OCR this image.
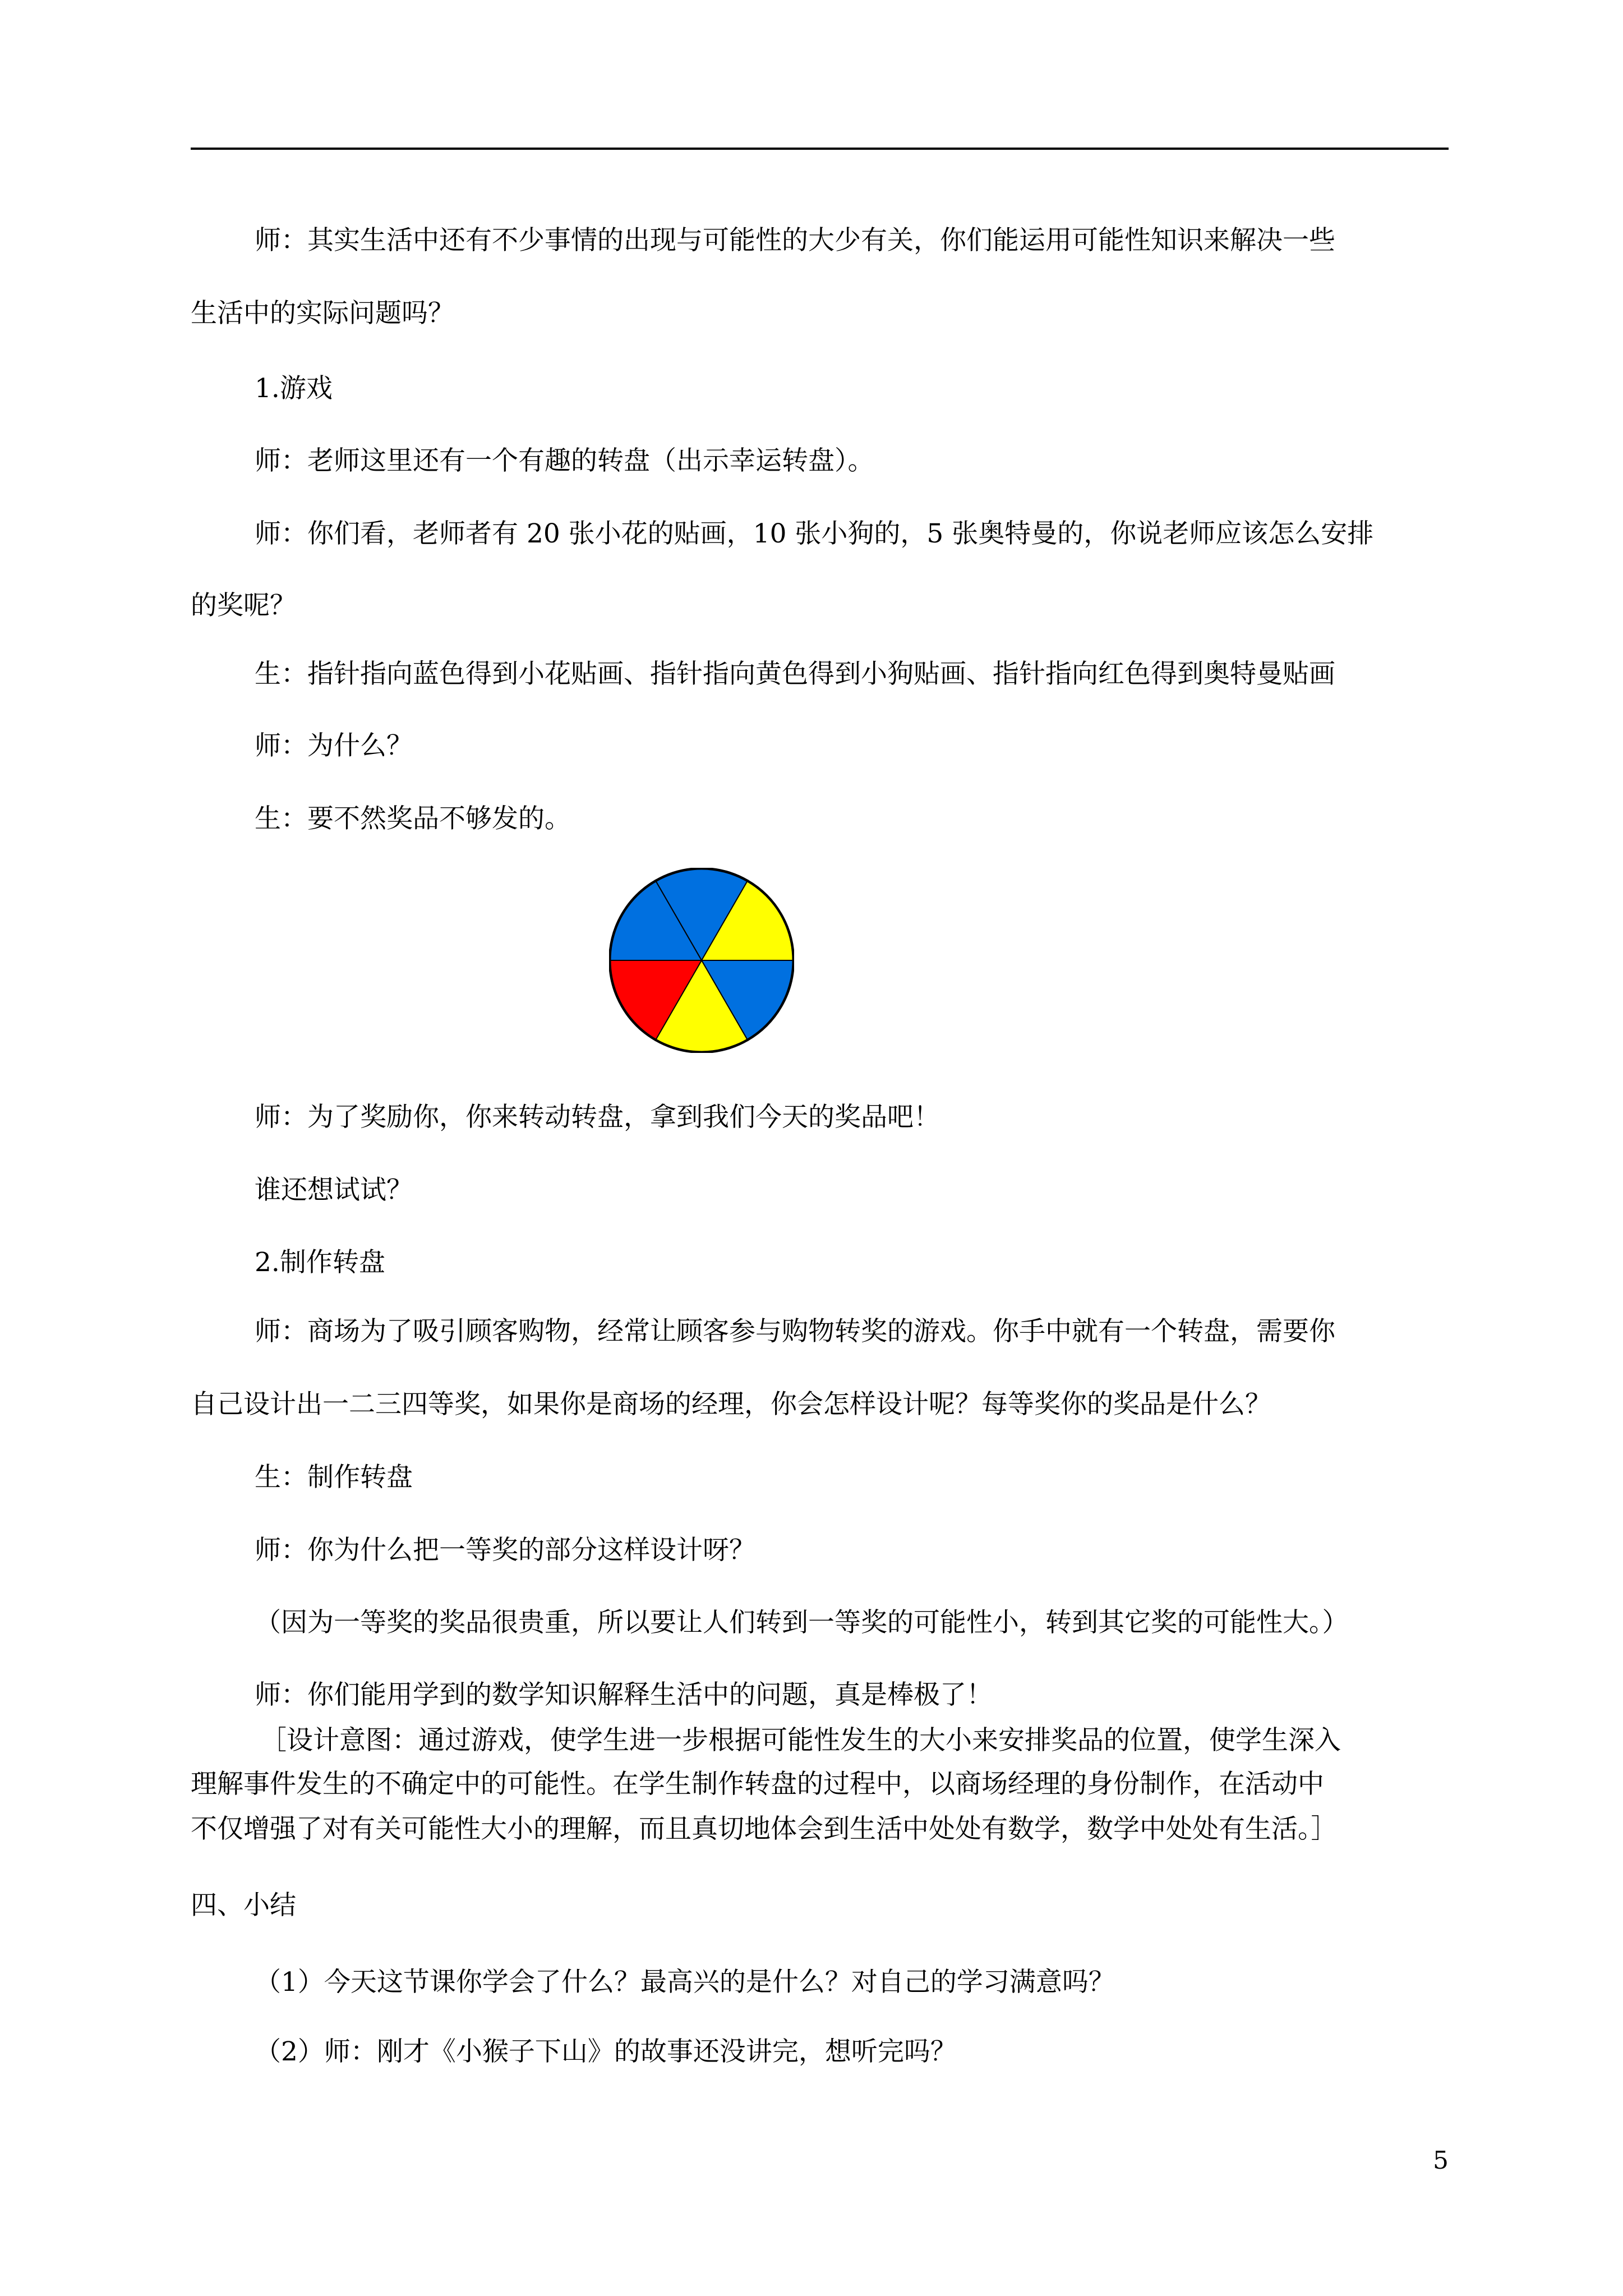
师：其实生活中还有不少事情的出现与可能性的大少有关，你们能运用可能性知识来解决一些

生活中的实际问题吗？

1.游戏

师：老师这里还有一个有趣的转盘（出示幸运转盘）。

师：你们看，老师者有 20 张小花的贴画，10 张小狗的，5 张奥特曼的，你说老师应该怎么安排

的奖呢？

生：指针指向蓝色得到小花贴画、指针指向黄色得到小狗贴画、指针指向红色得到奥特曼贴画

师：为什么？

生：要不然奖品不够发的。

师：为了奖励你，你来转动转盘，拿到我们今天的奖品吧！

谁还想试试？

2.制作转盘

师：商场为了吸引顾客购物，经常让顾客参与购物转奖的游戏。你手中就有一个转盘，需要你

自己设计出一二三四等奖，如果你是商场的经理，你会怎样设计呢？每等奖你的奖品是什么？

生：制作转盘

师：你为什么把一等奖的部分这样设计呀？

（因为一等奖的奖品很贵重，所以要让人们转到一等奖的可能性小，转到其它奖的可能性大。）

师：你们能用学到的数学知识解释生活中的问题，真是棒极了！

［设计意图：通过游戏，使学生进一步根据可能性发生的大小来安排奖品的位置，使学生深入

理解事件发生的不确定中的可能性。在学生制作转盘的过程中，以商场经理的身份制作，在活动中

不仅增强了对有关可能性大小的理解，而且真切地体会到生活中处处有数学，数学中处处有生活。］

四、小结

（1）今天这节课你学会了什么？最高兴的是什么？对自己的学习满意吗？

（2）师：刚才《小猴子下山》的故事还没讲完，想听完吗？

5
